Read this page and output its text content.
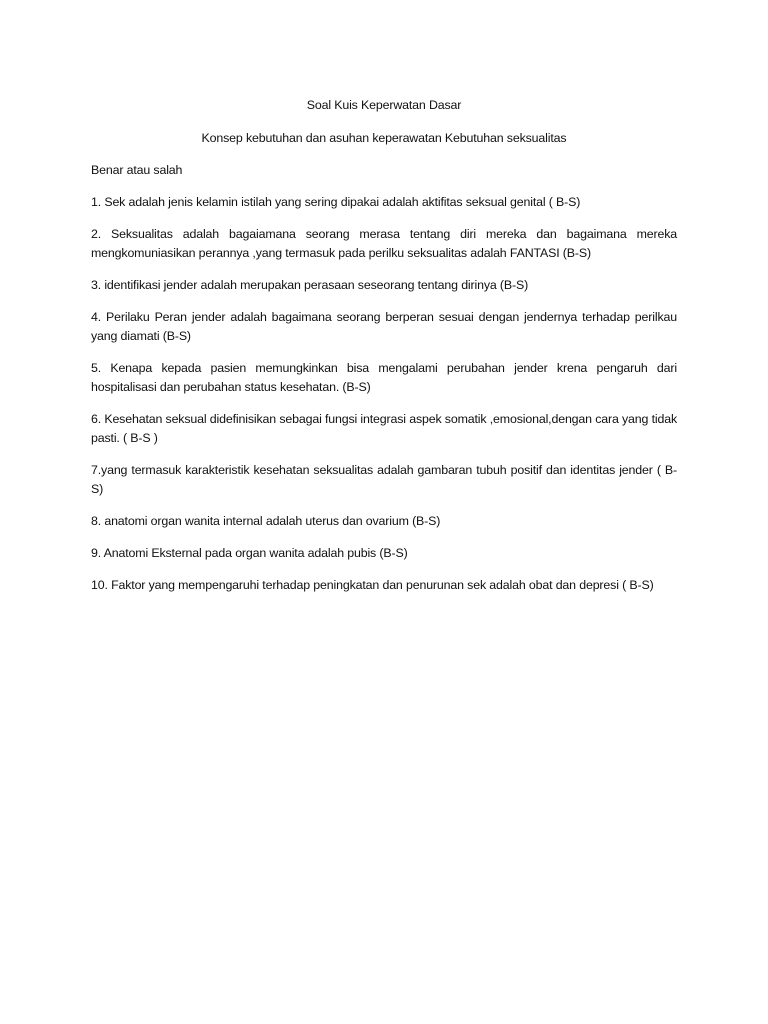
Soal Kuis Keperwatan Dasar

Konsep kebutuhan dan asuhan keperawatan Kebutuhan seksualitas

Benar atau salah

1. Sek adalah jenis kelamin istilah yang sering dipakai adalah aktifitas seksual genital ( B-S)

2. Seksualitas adalah bagaiamana seorang merasa tentang diri mereka dan bagaimana mereka mengkomuniasikan perannya ,yang termasuk pada perilku seksualitas adalah FANTASI (B-S)

3. identifikasi jender adalah merupakan perasaan seseorang tentang dirinya (B-S)

4. Perilaku Peran jender adalah bagaimana seorang berperan sesuai dengan jendernya terhadap perilkau yang diamati (B-S)

5. Kenapa kepada pasien memungkinkan bisa mengalami perubahan jender krena pengaruh dari hospitalisasi dan perubahan status kesehatan. (B-S)

6. Kesehatan seksual didefinisikan sebagai fungsi integrasi aspek somatik ,emosional,dengan cara yang tidak pasti. ( B-S )

7.yang termasuk karakteristik kesehatan seksualitas adalah gambaran tubuh positif dan identitas jender ( B-S)

8. anatomi organ wanita internal adalah uterus dan ovarium (B-S)

9. Anatomi Eksternal pada organ wanita adalah pubis (B-S)

10. Faktor yang mempengaruhi terhadap peningkatan dan penurunan sek adalah obat dan depresi ( B-S)
